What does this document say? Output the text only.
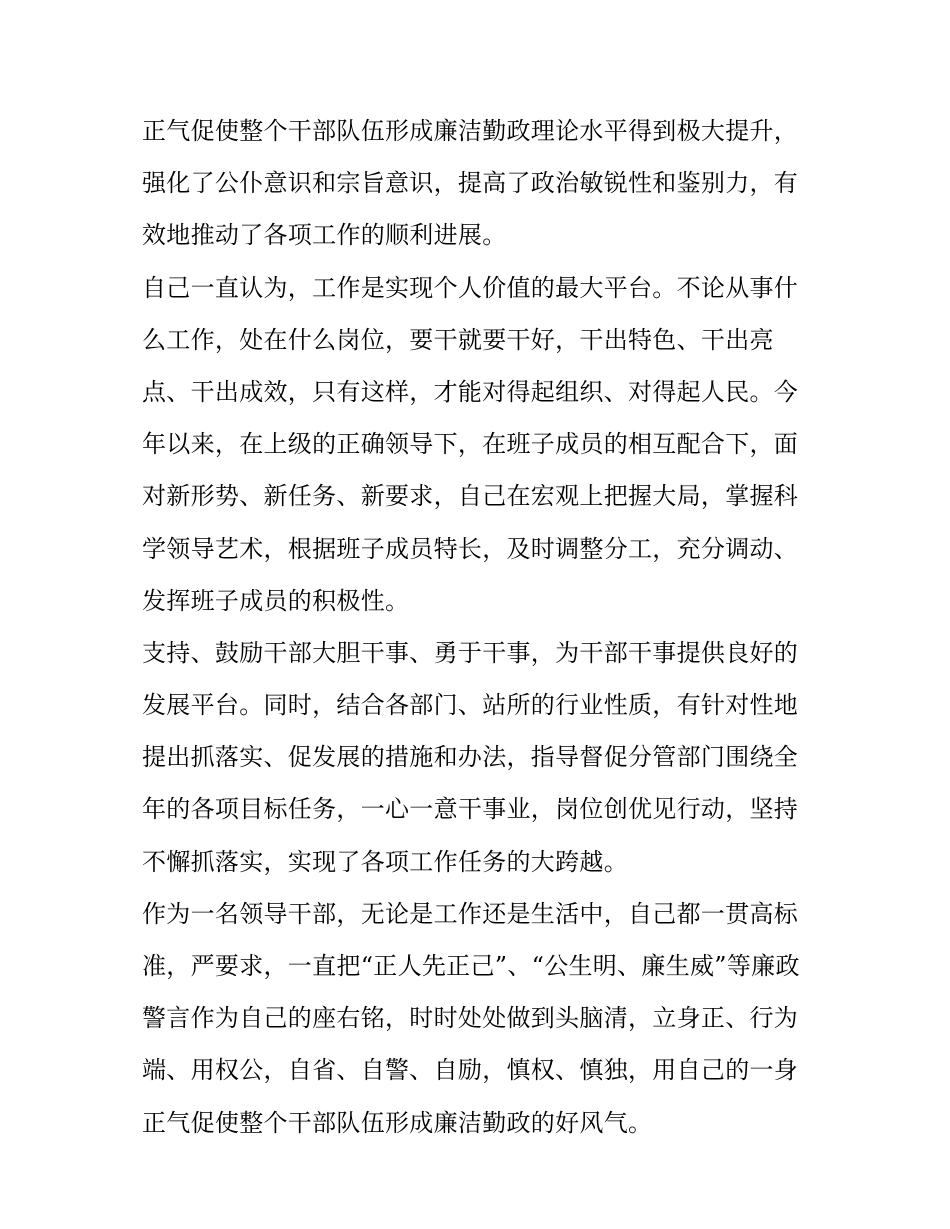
正气促使整个干部队伍形成廉洁勤政理论水平得到极大提升，
强化了公仆意识和宗旨意识，提高了政治敏锐性和鉴别力，有
效地推动了各项工作的顺利进展。
自己一直认为，工作是实现个人价值的最大平台。不论从事什
么工作，处在什么岗位，要干就要干好，干出特色、干出亮
点、干出成效，只有这样，才能对得起组织、对得起人民。今
年以来，在上级的正确领导下，在班子成员的相互配合下，面
对新形势、新任务、新要求，自己在宏观上把握大局，掌握科
学领导艺术，根据班子成员特长，及时调整分工，充分调动、
发挥班子成员的积极性。
支持、鼓励干部大胆干事、勇于干事，为干部干事提供良好的
发展平台。同时，结合各部门、站所的行业性质，有针对性地
提出抓落实、促发展的措施和办法，指导督促分管部门围绕全
年的各项目标任务，一心一意干事业，岗位创优见行动，坚持
不懈抓落实，实现了各项工作任务的大跨越。
作为一名领导干部，无论是工作还是生活中，自己都一贯高标
准，严要求，一直把“正人先正己”、“公生明、廉生威”等廉政
警言作为自己的座右铭，时时处处做到头脑清，立身正、行为
端、用权公，自省、自警、自励，慎权、慎独，用自己的一身
正气促使整个干部队伍形成廉洁勤政的好风气。
